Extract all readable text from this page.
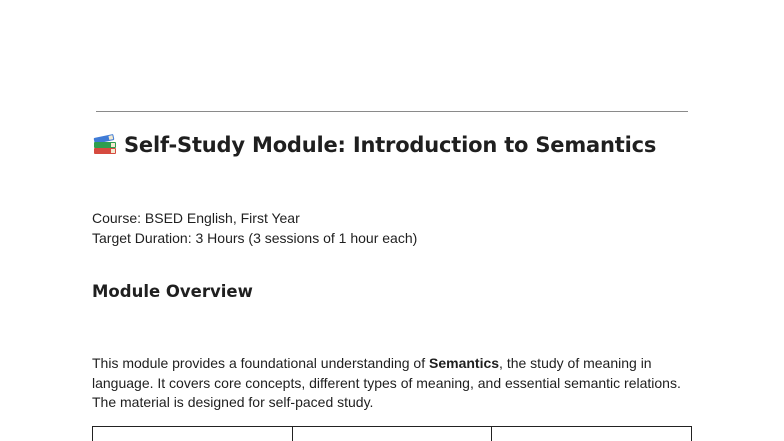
Self-Study Module: Introduction to Semantics
Course: BSED English, First Year
Target Duration: 3 Hours (3 sessions of 1 hour each)
Module Overview

This module provides a foundational understanding of Semantics, the study of meaning in language. It covers core concepts, different types of meaning, and essential semantic relations. The material is designed for self-paced study.
